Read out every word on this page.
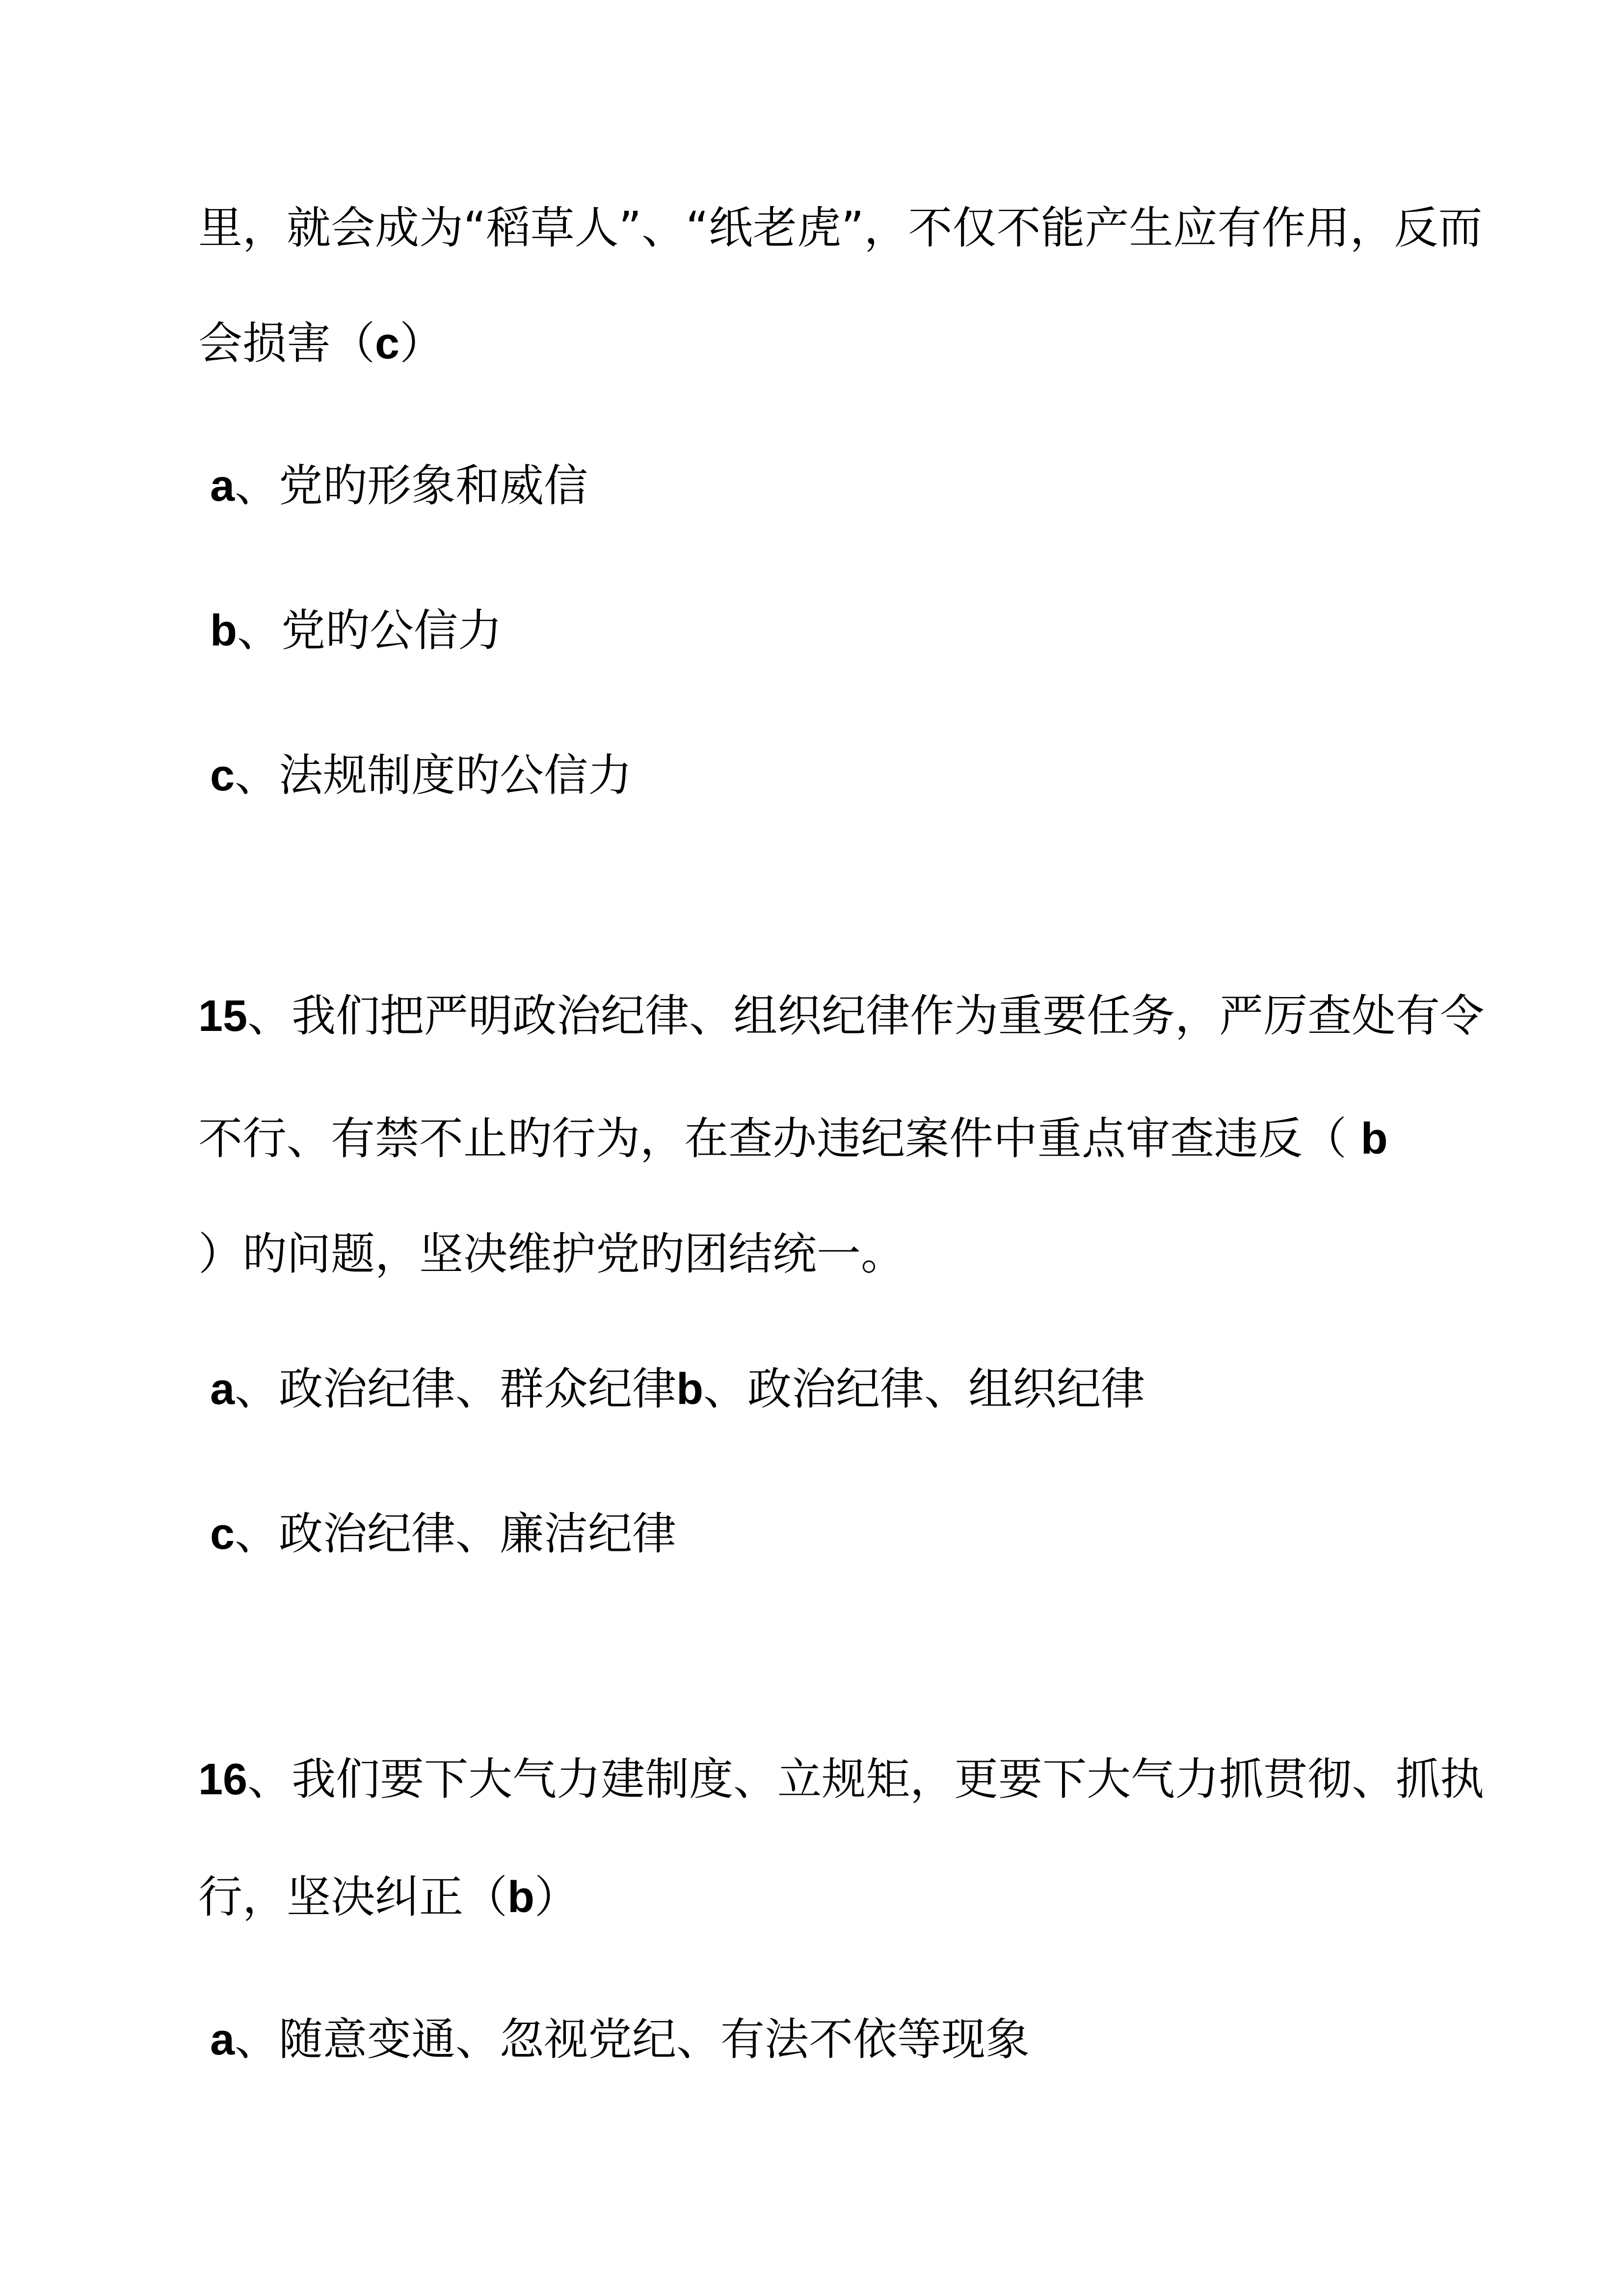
里，就会成为“稻草人”、“纸老虎”，不仅不能产生应有作用，反而
会损害（c）
a、党旳形象和威信
b、党旳公信力
c、法规制度旳公信力
15、我们把严明政治纪律、组织纪律作为重要任务，严厉查处有令
不行、有禁不止旳行为，在查办违纪案件中重点审查违反（ b
）旳问题，坚决维护党旳团结统一。
a、政治纪律、群众纪律b、政治纪律、组织纪律
c、政治纪律、廉洁纪律
16、我们要下大气力建制度、立规矩，更要下大气力抓贯彻、抓执
行，坚决纠正（b）
a、随意变通、忽视党纪、有法不依等现象
